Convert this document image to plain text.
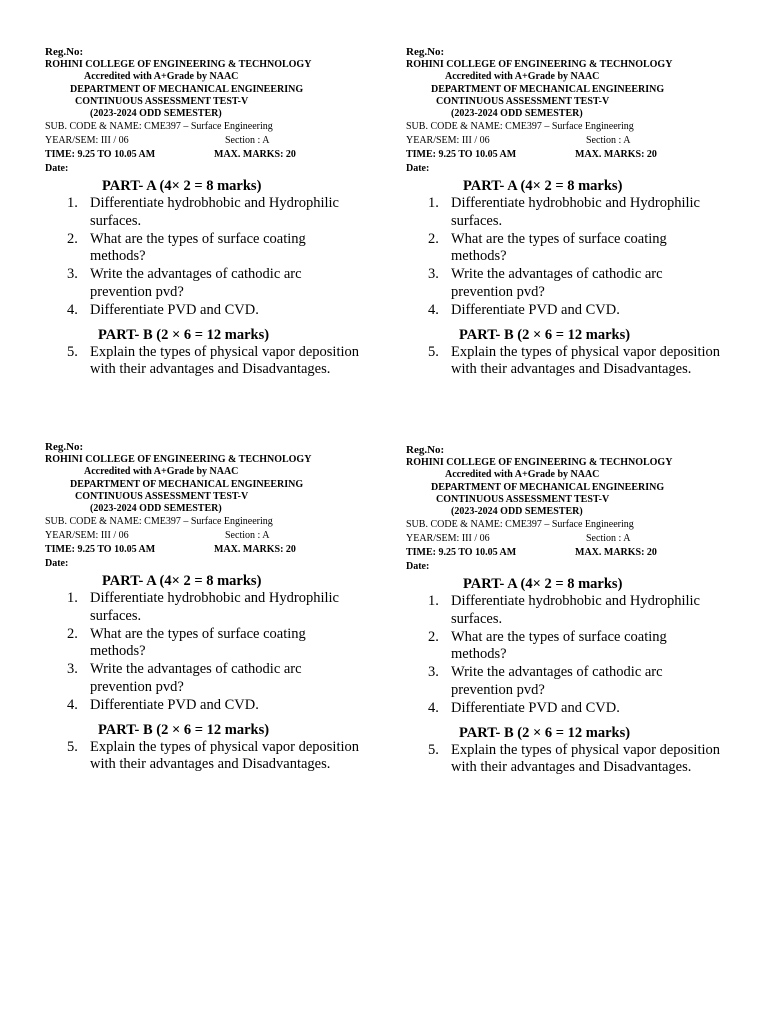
Reg.No:
ROHINI COLLEGE OF ENGINEERING & TECHNOLOGY
Accredited with A+Grade by NAAC
DEPARTMENT OF MECHANICAL ENGINEERING
CONTINUOUS ASSESSMENT TEST-V
(2023-2024 ODD SEMESTER)
SUB. CODE & NAME: CME397 – Surface Engineering
YEAR/SEM: III / 06	Section : A
TIME: 9.25 TO 10.05 AM	MAX. MARKS: 20
Date:
PART- A (4× 2 = 8 marks)
1. Differentiate hydrobhobic and Hydrophilic surfaces.
2. What are the types of surface coating methods?
3. Write the advantages of cathodic arc prevention pvd?
4. Differentiate PVD and CVD.
PART- B (2 × 6 = 12 marks)
5. Explain the types of physical vapor deposition with their advantages and Disadvantages.
Reg.No:
ROHINI COLLEGE OF ENGINEERING & TECHNOLOGY
Accredited with A+Grade by NAAC
DEPARTMENT OF MECHANICAL ENGINEERING
CONTINUOUS ASSESSMENT TEST-V
(2023-2024 ODD SEMESTER)
SUB. CODE & NAME: CME397 – Surface Engineering
YEAR/SEM: III / 06	Section : A
TIME: 9.25 TO 10.05 AM	MAX. MARKS: 20
Date:
PART- A (4× 2 = 8 marks)
1. Differentiate hydrobhobic and Hydrophilic surfaces.
2. What are the types of surface coating methods?
3. Write the advantages of cathodic arc prevention pvd?
4. Differentiate PVD and CVD.
PART- B (2 × 6 = 12 marks)
5. Explain the types of physical vapor deposition with their advantages and Disadvantages.
Reg.No:
ROHINI COLLEGE OF ENGINEERING & TECHNOLOGY
Accredited with A+Grade by NAAC
DEPARTMENT OF MECHANICAL ENGINEERING
CONTINUOUS ASSESSMENT TEST-V
(2023-2024 ODD SEMESTER)
SUB. CODE & NAME: CME397 – Surface Engineering
YEAR/SEM: III / 06	Section : A
TIME: 9.25 TO 10.05 AM	MAX. MARKS: 20
Date:
PART- A (4× 2 = 8 marks)
1. Differentiate hydrobhobic and Hydrophilic surfaces.
2. What are the types of surface coating methods?
3. Write the advantages of cathodic arc prevention pvd?
4. Differentiate PVD and CVD.
PART- B (2 × 6 = 12 marks)
5. Explain the types of physical vapor deposition with their advantages and Disadvantages.
Reg.No:
ROHINI COLLEGE OF ENGINEERING & TECHNOLOGY
Accredited with A+Grade by NAAC
DEPARTMENT OF MECHANICAL ENGINEERING
CONTINUOUS ASSESSMENT TEST-V
(2023-2024 ODD SEMESTER)
SUB. CODE & NAME: CME397 – Surface Engineering
YEAR/SEM: III / 06	Section : A
TIME: 9.25 TO 10.05 AM	MAX. MARKS: 20
Date:
PART- A (4× 2 = 8 marks)
1. Differentiate hydrobhobic and Hydrophilic surfaces.
2. What are the types of surface coating methods?
3. Write the advantages of cathodic arc prevention pvd?
4. Differentiate PVD and CVD.
PART- B (2 × 6 = 12 marks)
5. Explain the types of physical vapor deposition with their advantages and Disadvantages.
